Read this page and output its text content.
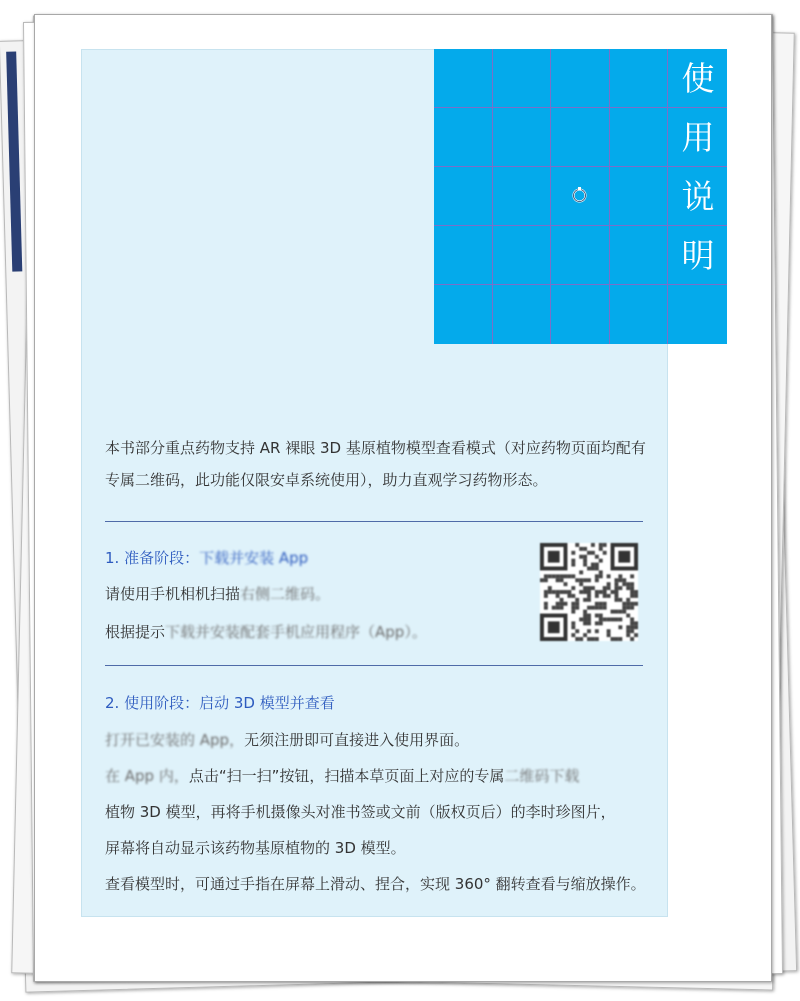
使
用
说
明

本书部分重点药物支持 AR 裸眼 3D 基原植物模型查看模式（对应药物页面均配有专属二维码，此功能仅限安卓系统使用），助力直观学习药物形态。

1. 准备阶段：下载并安装 App

请使用手机相机扫描右侧二维码。

根据提示下载并安装配套手机应用程序（App）。

2. 使用阶段：启动 3D 模型并查看

打开已安装的 App，无须注册即可直接进入使用界面。

在 App 内，点击“扫一扫”按钮，扫描本草页面上对应的专属二维码下载

植物 3D 模型，再将手机摄像头对准书签或文前（版权页后）的李时珍图片，

屏幕将自动显示该药物基原植物的 3D 模型。

查看模型时，可通过手指在屏幕上滑动、捏合，实现 360° 翻转查看与缩放操作。
